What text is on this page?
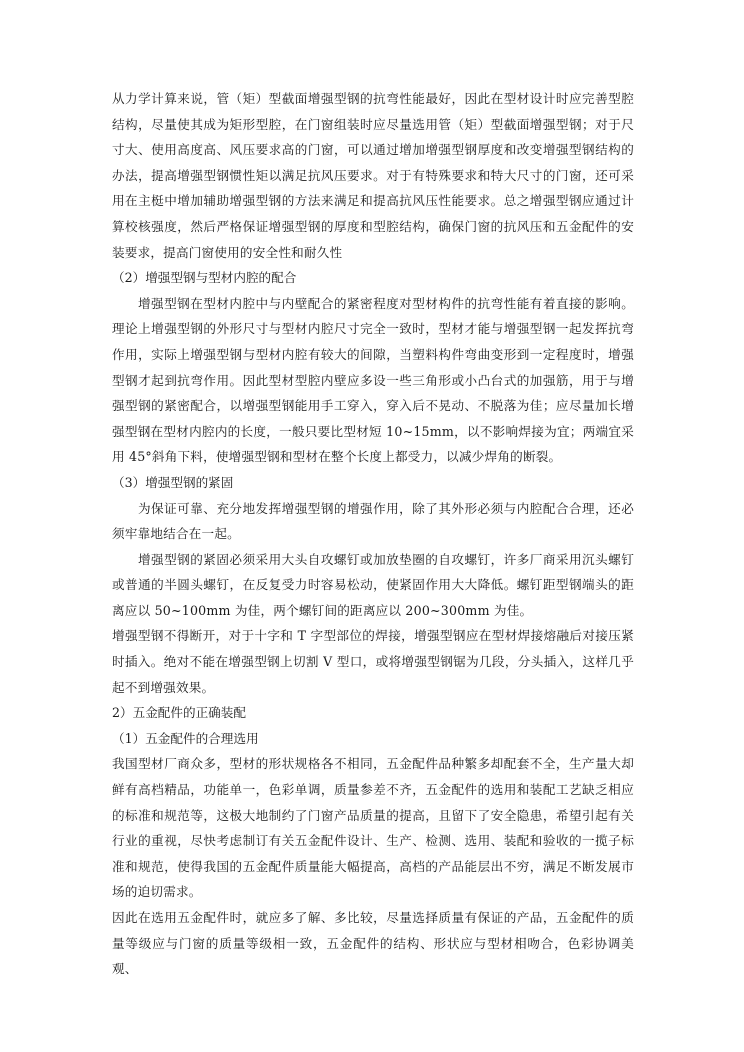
从力学计算来说，管（矩）型截面增强型钢的抗弯性能最好，因此在型材设计时应完善型腔结构，尽量使其成为矩形型腔，在门窗组装时应尽量选用管（矩）型截面增强型钢；对于尺寸大、使用高度高、风压要求高的门窗，可以通过增加增强型钢厚度和改变增强型钢结构的办法，提高增强型钢惯性矩以满足抗风压要求。对于有特殊要求和特大尺寸的门窗，还可采用在主梃中增加辅助增强型钢的方法来满足和提高抗风压性能要求。总之增强型钢应通过计算校核强度，然后严格保证增强型钢的厚度和型腔结构，确保门窗的抗风压和五金配件的安装要求，提高门窗使用的安全性和耐久性

（2）增强型钢与型材内腔的配合

增强型钢在型材内腔中与内壁配合的紧密程度对型材构件的抗弯性能有着直接的影响。理论上增强型钢的外形尺寸与型材内腔尺寸完全一致时，型材才能与增强型钢一起发挥抗弯作用，实际上增强型钢与型材内腔有较大的间隙，当塑料构件弯曲变形到一定程度时，增强型钢才起到抗弯作用。因此型材型腔内壁应多设一些三角形或小凸台式的加强筋，用于与增强型钢的紧密配合，以增强型钢能用手工穿入，穿入后不晃动、不脱落为佳；应尽量加长增强型钢在型材内腔内的长度，一般只要比型材短 10~15mm，以不影响焊接为宜；两端宜采用 45°斜角下料，使增强型钢和型材在整个长度上都受力，以减少焊角的断裂。

（3）增强型钢的紧固

为保证可靠、充分地发挥增强型钢的增强作用，除了其外形必须与内腔配合合理，还必须牢靠地结合在一起。

增强型钢的紧固必须采用大头自攻螺钉或加放垫圈的自攻螺钉，许多厂商采用沉头螺钉或普通的半圆头螺钉，在反复受力时容易松动，使紧固作用大大降低。螺钉距型钢端头的距离应以 50~100mm 为佳，两个螺钉间的距离应以 200~300mm 为佳。

增强型钢不得断开，对于十字和 T 字型部位的焊接，增强型钢应在型材焊接熔融后对接压紧时插入。绝对不能在增强型钢上切割 V 型口，或将增强型钢锯为几段，分头插入，这样几乎起不到增强效果。

2）五金配件的正确装配

（1）五金配件的合理选用

我国型材厂商众多，型材的形状规格各不相同，五金配件品种繁多却配套不全，生产量大却鲜有高档精品，功能单一，色彩单调，质量参差不齐，五金配件的选用和装配工艺缺乏相应的标准和规范等，这极大地制约了门窗产品质量的提高，且留下了安全隐患，希望引起有关行业的重视，尽快考虑制订有关五金配件设计、生产、检测、选用、装配和验收的一揽子标准和规范，使得我国的五金配件质量能大幅提高，高档的产品能层出不穷，满足不断发展市场的迫切需求。

因此在选用五金配件时，就应多了解、多比较，尽量选择质量有保证的产品，五金配件的质量等级应与门窗的质量等级相一致，五金配件的结构、形状应与型材相吻合，色彩协调美观、
